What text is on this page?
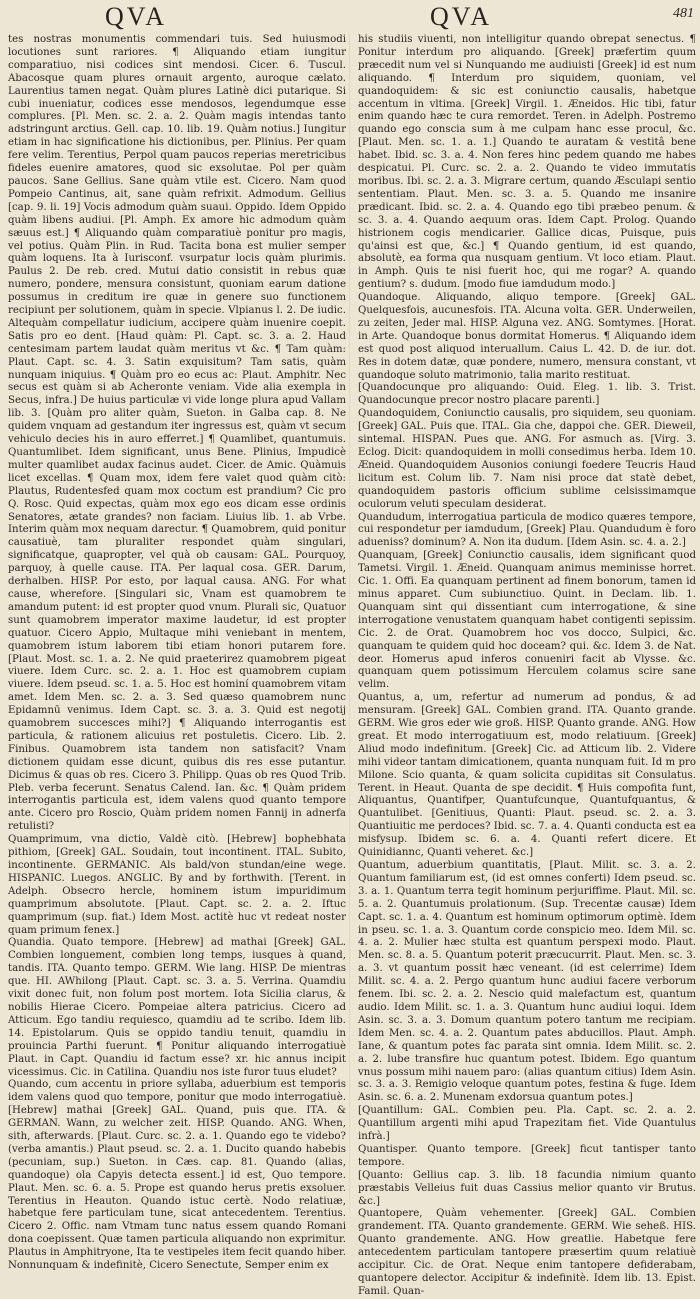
QVA	QVA	481

tes nostras monumentis commendari tuis. Sed huiusmodi locutiones sunt rariores. ¶ Aliquando etiam iungitur comparatiuo, nisi codices sint mendosi. Cicer. 6. Tuscul. Abacosque quam plures ornauit argento, auroque cælato. Laurentius tamen negat. Quàm plures Latinè dici putarique. Si cubi inueniatur, codices esse mendosos, legendumque esse complures. [Pl. Men. sc. 2. a. 2. Quàm magis intendas tanto adstringunt arctius. Gell. cap. 10. lib. 19. Quàm notius.] Iungitur etiam in hac significatione his dictionibus, per. Plinius. Per quam fere velim. Terentius, Perpol quam paucos reperias meretricibus fideles euenire amatores, quod sic exsolutae. Pol per quàm paucos. Sane Gellius. Sane quàm vtile est. Cicero. Nam quod Pompeio Cantinus, ait, sane quàm refrixit. Admodum. Gellius [cap. 9. li. 19] Vocis admodum quàm suaui. Oppido. Idem Oppido quàm libens audiui. [Pl. Amph. Ex amore hic admodum quàm sæuus est.] ¶ Aliquando quàm comparatiuè ponitur pro magis, vel potius. Quàm Plin. in Rud. Tacita bona est mulier semper quàm loquens. Ita à Iurisconf. vsurpatur locis quàm plurimis. Paulus 2. De reb. cred. Mutui datio consistit in rebus quæ numero, pondere, mensura consistunt, quoniam earum datione possumus in creditum ire quæ in genere suo functionem recipiunt per solutionem, quàm in specie. Vlpianus l. 2. De iudic. Altequàm compellatur iudicium, accipere quàm inuenire coepit. Satis pro eo dent. [Haud quàm: Pl. Capt. sc. 3. a. 2. Haud centesimam partem laudat quàm meritus vt &c. ¶ Tam quàm: Plaut. Capt. sc. 4. 3. Satin exquisitum? Tam satis, quàm nunquam iniquius. ¶ Quàm pro eo ecus ac: Plaut. Amphitr. Nec secus est quàm si ab Acheronte veniam. Vide alia exempla in Secus, infra.] De huius particulæ vi vide longe plura apud Vallam lib. 3. [Quàm pro aliter quàm, Sueton. in Galba cap. 8. Ne quidem vnquam ad gestandum iter ingressus est, quàm vt secum vehiculo decies his in auro efferret.] ¶ Quamlibet, quantumuis. Quantumlibet. Idem significant, unus Bene. Plinius, Impudicè multer quamlibet audax facinus audet. Cicer. de Amic. Quàmuis licet excellas. ¶ Quam mox, idem fere valet quod quàm citò: Plautus, Rudentesfed quam mox coctum est prandium? Cic pro Q. Rosc. Quid expectas, quàm mox ego eos dicam esse ordinis Senatores, ætate grandes? non faciam. Liuius lib. 1. ab Vrbe. Interim quàm mox nequam darectur. ¶ Quamobrem, quid ponitur causatiuè, tam pluraliter respondet quàm singulari, significatque, quapropter, vel quà ob causam: GAL. Pourquoy, parquoy, à quelle cause. ITA. Per laqual cosa. GER. Darum, derhalben. HISP. Por esto, por laqual causa. ANG. For what cause, wherefore. [Singulari sic, Vnam est quamobrem te amandum putent: id est propter quod vnum. Plurali sic, Quatuor sunt quamobrem imperator maxime laudetur, id est propter quatuor. Cicero Appio, Multaque mihi veniebant in mentem, quamobrem istum laborem tibi etiam honori putarem fore. [Plaut. Most. sc. 1. a. 2. Ne quid praeterirez quamobrem pigeat viuere. Idem Curc. sc. 2. a. 1. Hoc est quamobrem cupiam viuere. Idem pseud. sc. 1. a. 5. Hoc est hominí quamobrem vitam amet. Idem Men. sc. 2. a. 3. Sed quæso quamobrem nunc Epidamnū venimus. Idem Capt. sc. 3. a. 3. Quid est negotij quamobrem succesces mihi?] ¶ Aliquando interrogantis est particula, & rationem alicuius ret postuletis. Cicero. Lib. 2. Finibus. Quamobrem ista tandem non satisfacit? Vnam dictionem quidam esse dicunt, quibus dis res esse putantur. Dicimus & quas ob res. Cicero 3. Philipp. Quas ob res Quod Trib. Pleb. verba fecerunt. Senatus Calend. Ian. &c. ¶ Quàm pridem interrogantis particula est, idem valens quod quanto tempore ante. Cicero pro Roscio, Quàm pridem nomen Fannij in adnerfa retulisti?

Quamprimum, vna dictio, Valdè citò. [Hebrew] bophebhata pithiom, [Greek] GAL. Soudain, tout incontinent. ITAL. Subito, incontinente. GERMANIC. Als bald/von stundan/eine wege. HISPANIC. Luegos. ANGLIC. By and by forthwith. [Terent. in Adelph. Obsecro hercle, hominem istum impuridimum quamprimum absolutote. [Plaut. Capt. sc. 2. a. 2. Iftuc quamprimum (sup. fiat.) Idem Most. actitè huc vt redeat noster quam primum fenex.]

Quandia. Quato tempore. [Hebrew] ad mathai [Greek] GAL. Combien longuement, combien long temps, iusques à quand, tandis. ITA. Quanto tempo. GERM. Wie lang. HISP. De mientras que. HI. AWhilong [Plaut. Capt. sc. 3. a. 5. Verrina. Quamdiu vixit donec fuit, non folum post mortem. Iota Sicilia clarus, & nobilis Hierae Cicero. Pompeiae altera patricius. Cicero ad Atticum. Ego tandiu requiesco, quamdiu ad te scribo. Idem lib. 14. Epistolarum. Quis se oppido tandiu tenuit, quamdiu in prouincia Parthi fuerunt. ¶ Ponitur aliquando interrogatiuè Plaut. in Capt. Quandiu id factum esse? xr. hic annus incipit vicessimus. Cic. in Catilina. Quandiu nos iste furor tuus eludet?

Quando, cum accentu in priore syllaba, aduerbium est temporis idem valens quod quo tempore, ponitur que modo interrogatiuè. [Hebrew] mathai [Greek] GAL. Quand, puis que. ITA. & GERMAN. Wann, zu welcher zeit. HISP. Quando. ANG. When, sith, afterwards. [Plaut. Curc. sc. 2. a. 1. Quando ego te videbo? (verba amantis.) Plaut pseud. sc. 2. a. 1. Ducito quando habebis (pecuniam, sup.) Sueton. in Cæs. cap. 81. Quando (alias, quandoque) ola Capyis detecta essent.] id est, Quo tempore. Plaut. Men. sc. 6. a. 5. Prope est quando herus pretis exsoluer. Terentius in Heauton. Quando istuc certè. Nodo relatiuæ, habetque fere particulam tune, sicat antecedentem. Terentius. Cicero 2. Offic. nam Vtmam tunc natus essem quando Romani dona coepissent. Quæ tamen particula aliquando non exprimitur. Plautus in Amphitryone, Ita te vestipeles item fecit quando hiber. Nonnunquam & indefinitè, Cicero Senectute, Semper enim ex

his studiis viuenti, non intelligitur quando obrepat senectus. ¶ Ponitur interdum pro aliquando. [Greek] præfertim quum præcedit num vel si Nunquando me audiuisti [Greek] id est num aliquando. ¶ Interdum pro siquidem, quoniam, vel quandoquidem: & sic est coniunctio causalis, habetque accentum in vltima. [Greek] Virgil. 1. Æneidos. Hic tibi, fatur enim quando hæc te cura remordet. Teren. in Adelph. Postremo quando ego conscia sum à me culpam hanc esse procul, &c. [Plaut. Men. sc. 1. a. 1.] Quando te auratam & vestitâ bene habet. Ibid. sc. 3. a. 4. Non feres hinc pedem quando me habes despicatui. Pl. Curc. sc. 2. a. 2. Quando te video immutatis moribus. Ibi. sc. 2. a. 3. Migrare certum, quando Æsculapi sentio sententiam. Plaut. Men. sc. 3. a. 5. Quando me insanire prædicant. Ibid. sc. 2. a. 4. Quando ego tibi præbeo penum. & sc. 3. a. 4. Quando aequum oras. Idem Capt. Prolog. Quando histrionem cogis mendicarier. Gallice dicas, Puisque, puis qu'ainsi est que, &c.] ¶ Quando gentium, id est quando, absolutè, ea forma qua nusquam gentium. Vt loco etiam. Plaut. in Amph. Quis te nisi fuerit hoc, qui me rogar? A. quando gentium? s. dudum. [modo fiue iamdudum modo.]

Quandoque. Aliquando, aliquo tempore. [Greek] GAL. Quelquesfois, aucunesfois. ITA. Alcuna volta. GER. Underweilen, zu zeiten, Jeder mal. HISP. Alguna vez. ANG. Somtymes. [Horat. in Arte. Quandoque bonus dormitat Homerus. ¶ Aliquando idem est quod post aliquod interuallum. Caius L. 42. D. de iur. dot. Res in dotem datæ, quæ pondere, numero, mensura constant, vt quandoque soluto matrimonio, talia marito restituat.

[Quandocunque pro aliquando: Ouid. Eleg. 1. lib. 3. Trist. Quandocunque precor nostro placare parenti.]

Quandoquidem, Coniunctio causalis, pro siquidem, seu quoniam. [Greek] GAL. Puis que. ITAL. Gia che, dappoi che. GER. Dieweil, sintemal. HISPAN. Pues que. ANG. For asmuch as. [Virg. 3. Eclog. Dicit: quandoquidem in molli consedimus herba. Idem 10. Æneid. Quandoquidem Ausonios coniungi foedere Teucris Haud licitum est. Colum lib. 7. Nam nisi proce dat statè debet, quandoquidem pastoris officium sublime celsissimamque oculorum veluti speculam desiderat.

Quandudum, interrogatiua particula de modico quæres tempore, cui respondetur per iamdudum, [Greek] Plau. Quandudum è foro adueniss? dominum? A. Non ita dudum. [Idem Asin. sc. 4. a. 2.]

Quanquam, [Greek] Coniunctio causalis, idem significant quod Tametsi. Virgil. 1. Æneid. Quanquam animus meminisse horret. Cic. 1. Offi. Ea quanquam pertinent ad finem bonorum, tamen id minus apparet. Cum subiunctiuo. Quint. in Declam. lib. 1. Quanquam sint qui dissentiant cum interrogatione, & sine interrogatione venustatem quanquam habet contigenti sepissim. Cic. 2. de Orat. Quamobrem hoc vos docco, Sulpici, &c. quanquam te quidem quid hoc doceam? qui. &c. Idem 3. de Nat. deor. Homerus apud inferos conueniri facit ab Vlysse. &c. quanquam quem potissimum Herculem colamus scire sane velim.

Quantus, a, um, refertur ad numerum ad pondus, & ad mensuram. [Greek] GAL. Combien grand. ITA. Quanto grande. GERM. Wie gros eder wie groß. HISP. Quanto grande. ANG. How great. Et modo interrogatiuum est, modo relatiuum. [Greek] Aliud modo indefinitum. [Greek] Cic. ad Atticum lib. 2. Videre mihi videor tantam dimicationem, quanta nunquam fuit. Id m pro Milone. Scio quanta, & quam solicita cupiditas sit Consulatus. Terent. in Heaut. Quanta de spe decidit. ¶ Huis compofita funt, Aliquantus, Quantifper, Quantufcunque, Quantufquantus, & Quantulibet. [Genitiuus, Quanti: Plaut. pseud. sc. 2. a. 3. Quantiuitic me perdoces? Ibid. sc. 7. a. 4. Quanti conducta est ea misfysup. Ibidem sc. 6. a. 4. Quanti refert dicere. Et Quinidiannc, Quanti veheret. &c.]

Quantum, aduerbium quantitatis, [Plaut. Milit. sc. 3. a. 2. Quantum familiarum est, (id est omnes conferti) Idem pseud. sc. 3. a. 1. Quantum terra tegit hominum perjuriffime. Plaut. Mil. sc. 5. a. 2. Quantumuis prolationum. (Sup. Trecentæ causæ) Idem Capt. sc. 1. a. 4. Quantum est hominum optimorum optimè. Idem in pseu. sc. 1. a. 3. Quantum corde conspicio meo. Idem Mil. sc. 4. a. 2. Mulier hæc stulta est quantum perspexi modo. Plaut. Men. sc. 8. a. 5. Quantum poterit præcucurrit. Plaut. Men. sc. 3. a. 3. vt quantum possit hæc veneant. (id est celerrime) Idem Milit. sc. 4. a. 2. Pergo quantum hunc audiui facere verborum fenem. Ibi. sc. 2. a. 2. Nescio quid malefactum est, quantum audio. Idem Milit. sc. 1. a. 3. Quantum hunc audiui loqui. Idem Asin. sc. 3. a. 3. Domum quantum potero tantum me recipiam. Idem Men. sc. 4. a. 2. Quantum pates abducillos. Plaut. Amph. Iane, & quantum potes fac parata sint omnia. Idem Milit. sc. 2. a. 2. lube transfire huc quantum potest. Ibidem. Ego quantum vnus possum mihi nauem paro: (alias quantum citius) Idem Asin. sc. 3. a. 3. Remigio veloque quantum potes, festina & fuge. Idem Asin. sc. 6. a. 2. Munenam exdorsua quantum potes.]

[Quantillum: GAL. Combien peu. Pla. Capt. sc. 2. a. 2. Quantillum argenti mihi apud Trapezitam fiet. Vide Quantulus infrà.]

Quantisper. Quanto tempore. [Greek] ficut tantisper tanto tempore.

[Quanto: Gellius cap. 3. lib. 18 facundia nimium quanto præstabis Velleius fuit duas Cassius melior quanto vir Brutus. &c.]

Quantopere, Quàm vehementer. [Greek] GAL. Combien grandement. ITA. Quanto grandemente. GERM. Wie seheß. HIS. Quanto grandemente. ANG. How greatlie. Habetque fere antecedentem particulam tantopere præsertim quum relatiuè accipitur. Cic. de Orat. Neque enim tantopere defiderabam, quantopere delector. Accipitur & indefinitè. Idem lib. 13. Epist. Famil. Quan-
